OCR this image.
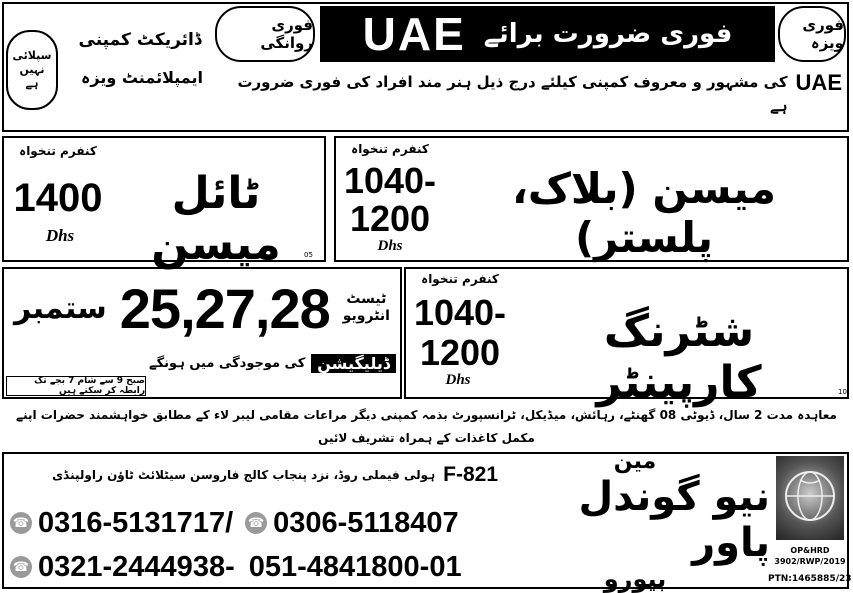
فوری ویزہ
فوری ضرورت برائے
UAE
فوری روانگی
سپلائی نہیں ہے
ڈائریکٹ کمپنی
ایمپلائمنٹ ویزہ	UAE
کی مشہور و معروف کمپنی کیلئے درج ذیل ہنر مند افراد کی فوری ضرورت ہے
کنفرم تنخواہ
1400
Dhs
ٹائل میسن	05
کنفرم تنخواہ
1040-
1200
Dhs
میسن (بلاک، پلستر)
ستمبر 25,27,28 ٹیسٹ
انٹرویو
ڈیلیگیشن
کی موجودگی میں ہونگے
صبح 9 سے شام 7 بجے تک رابطہ کر سکتے ہیں
کنفرم تنخواہ
1040-
1200
Dhs
شٹرنگ کارپینٹر	10
معاہدہ مدت 2 سال، ڈیوٹی 08 گھنٹے، رہائش، میڈیکل، ٹرانسپورٹ بذمہ کمپنی دیگر مراعات مقامی لیبر لاء کے مطابق خواہشمند حضرات اپنے مکمل کاغذات کے ہمراہ تشریف لائیں
F-821
ہولی فیملی روڈ، نزد پنجاب کالج فاروسن سیٹلائٹ ٹاؤن راولپنڈی
☎ 0316-5131717/ ☎ 0306-5118407
☎ 0321-2444938- 051-4841800-01
مین
نیو گوندل پاور
بیورو
OP&HRD
3902/RWP/2019
PTN:1465885/23
